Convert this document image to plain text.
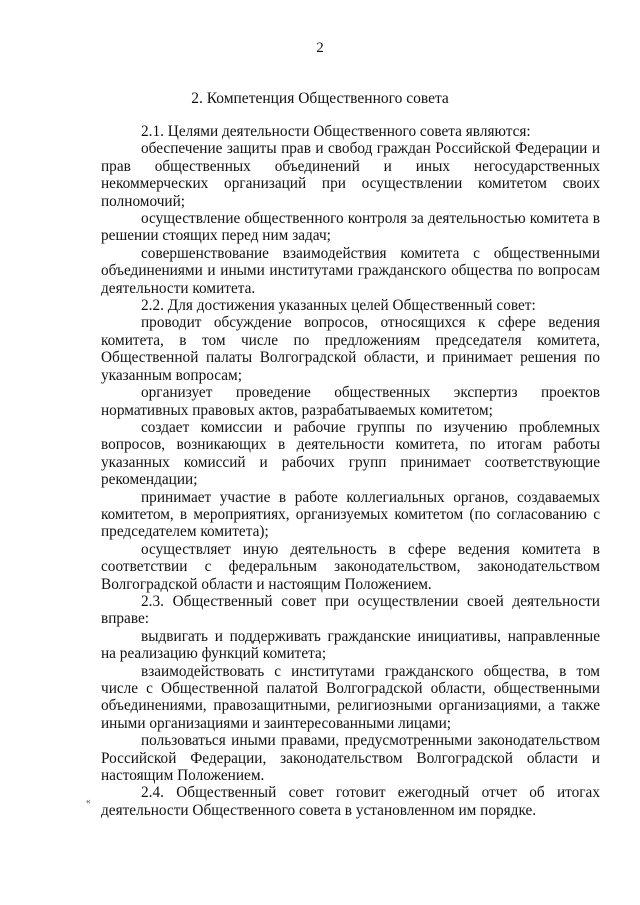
2
2. Компетенция Общественного совета

2.1. Целями деятельности Общественного совета являются:

обеспечение защиты прав и свобод граждан Российской Федерации и прав общественных объединений и иных негосударственных некоммерческих организаций при осуществлении комитетом своих полномочий;

осуществление общественного контроля за деятельностью комитета в решении стоящих перед ним задач;

совершенствование взаимодействия комитета с общественными объединениями и иными институтами гражданского общества по вопросам деятельности комитета.

2.2. Для достижения указанных целей Общественный совет:

проводит обсуждение вопросов, относящихся к сфере ведения комитета, в том числе по предложениям председателя комитета, Общественной палаты Волгоградской области, и принимает решения по указанным вопросам;

организует проведение общественных экспертиз проектов нормативных правовых актов, разрабатываемых комитетом;

создает комиссии и рабочие группы по изучению проблемных вопросов, возникающих в деятельности комитета, по итогам работы указанных комиссий и рабочих групп принимает соответствующие рекомендации;

принимает участие в работе коллегиальных органов, создаваемых комитетом, в мероприятиях, организуемых комитетом (по согласованию с председателем комитета);

осуществляет иную деятельность в сфере ведения комитета в соответствии с федеральным законодательством, законодательством Волгоградской области и настоящим Положением.

2.3. Общественный совет при осуществлении своей деятельности вправе:

выдвигать и поддерживать гражданские инициативы, направленные на реализацию функций комитета;

взаимодействовать с институтами гражданского общества, в том числе с Общественной палатой Волгоградской области, общественными объединениями, правозащитными, религиозными организациями, а также иными организациями и заинтересованными лицами;

пользоваться иными правами, предусмотренными законодательством Российской Федерации, законодательством Волгоградской области и настоящим Положением.

2.4. Общественный совет готовит ежегодный отчет об итогах деятельности Общественного совета в установленном им порядке.

«
